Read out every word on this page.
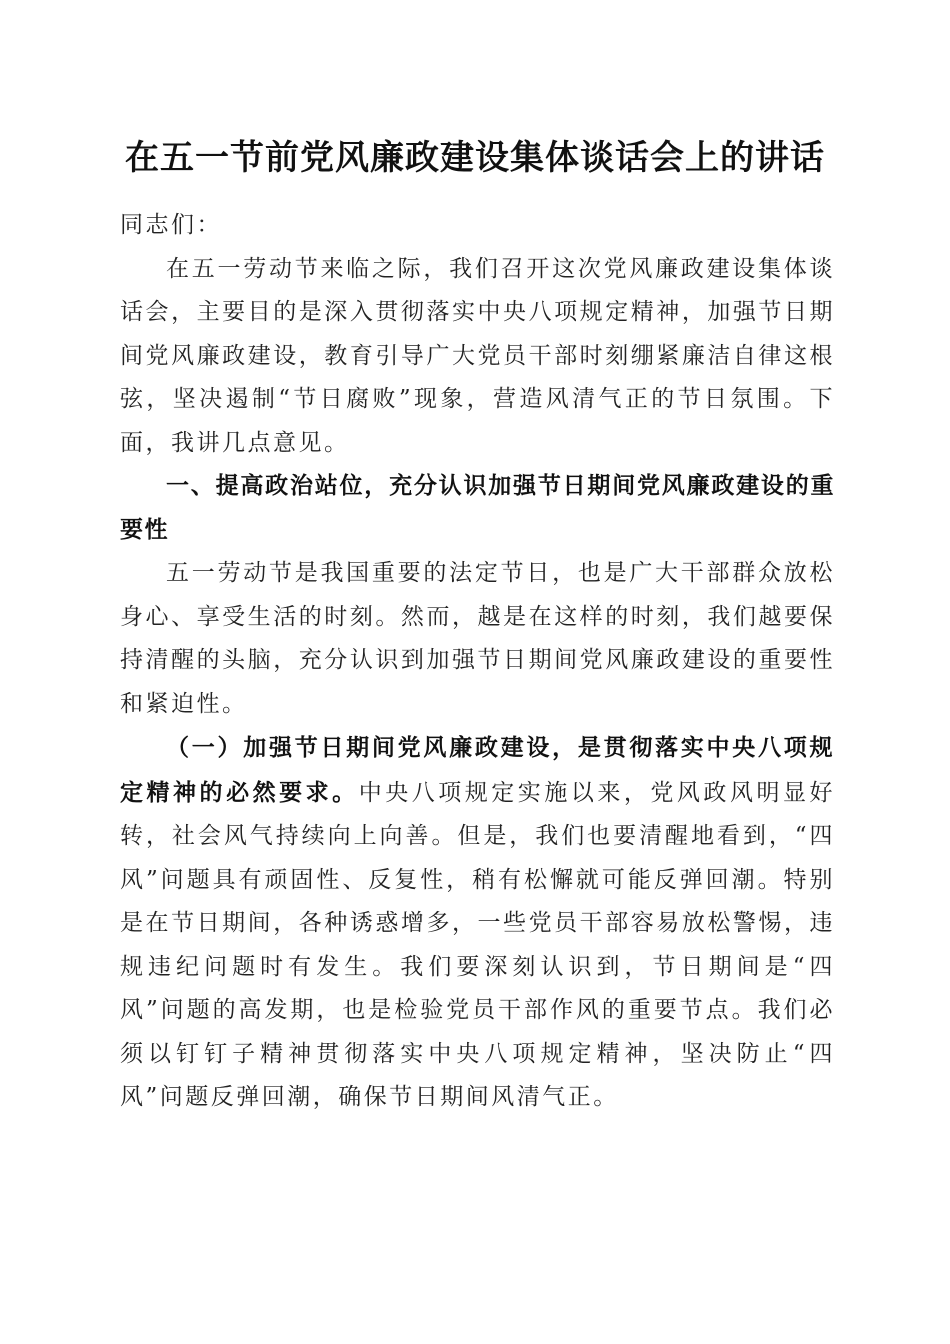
在五一节前党风廉政建设集体谈话会上的讲话

同志们：

在五一劳动节来临之际，我们召开这次党风廉政建设集体谈话会，主要目的是深入贯彻落实中央八项规定精神，加强节日期间党风廉政建设，教育引导广大党员干部时刻绷紧廉洁自律这根弦，坚决遏制“节日腐败”现象，营造风清气正的节日氛围。下面，我讲几点意见。

一、提高政治站位，充分认识加强节日期间党风廉政建设的重要性

五一劳动节是我国重要的法定节日，也是广大干部群众放松身心、享受生活的时刻。然而，越是在这样的时刻，我们越要保持清醒的头脑，充分认识到加强节日期间党风廉政建设的重要性和紧迫性。

（一）加强节日期间党风廉政建设，是贯彻落实中央八项规定精神的必然要求。中央八项规定实施以来，党风政风明显好转，社会风气持续向上向善。但是，我们也要清醒地看到，“四风”问题具有顽固性、反复性，稍有松懈就可能反弹回潮。特别是在节日期间，各种诱惑增多，一些党员干部容易放松警惕，违规违纪问题时有发生。我们要深刻认识到，节日期间是“四风”问题的高发期，也是检验党员干部作风的重要节点。我们必须以钉钉子精神贯彻落实中央八项规定精神，坚决防止“四风”问题反弹回潮，确保节日期间风清气正。
